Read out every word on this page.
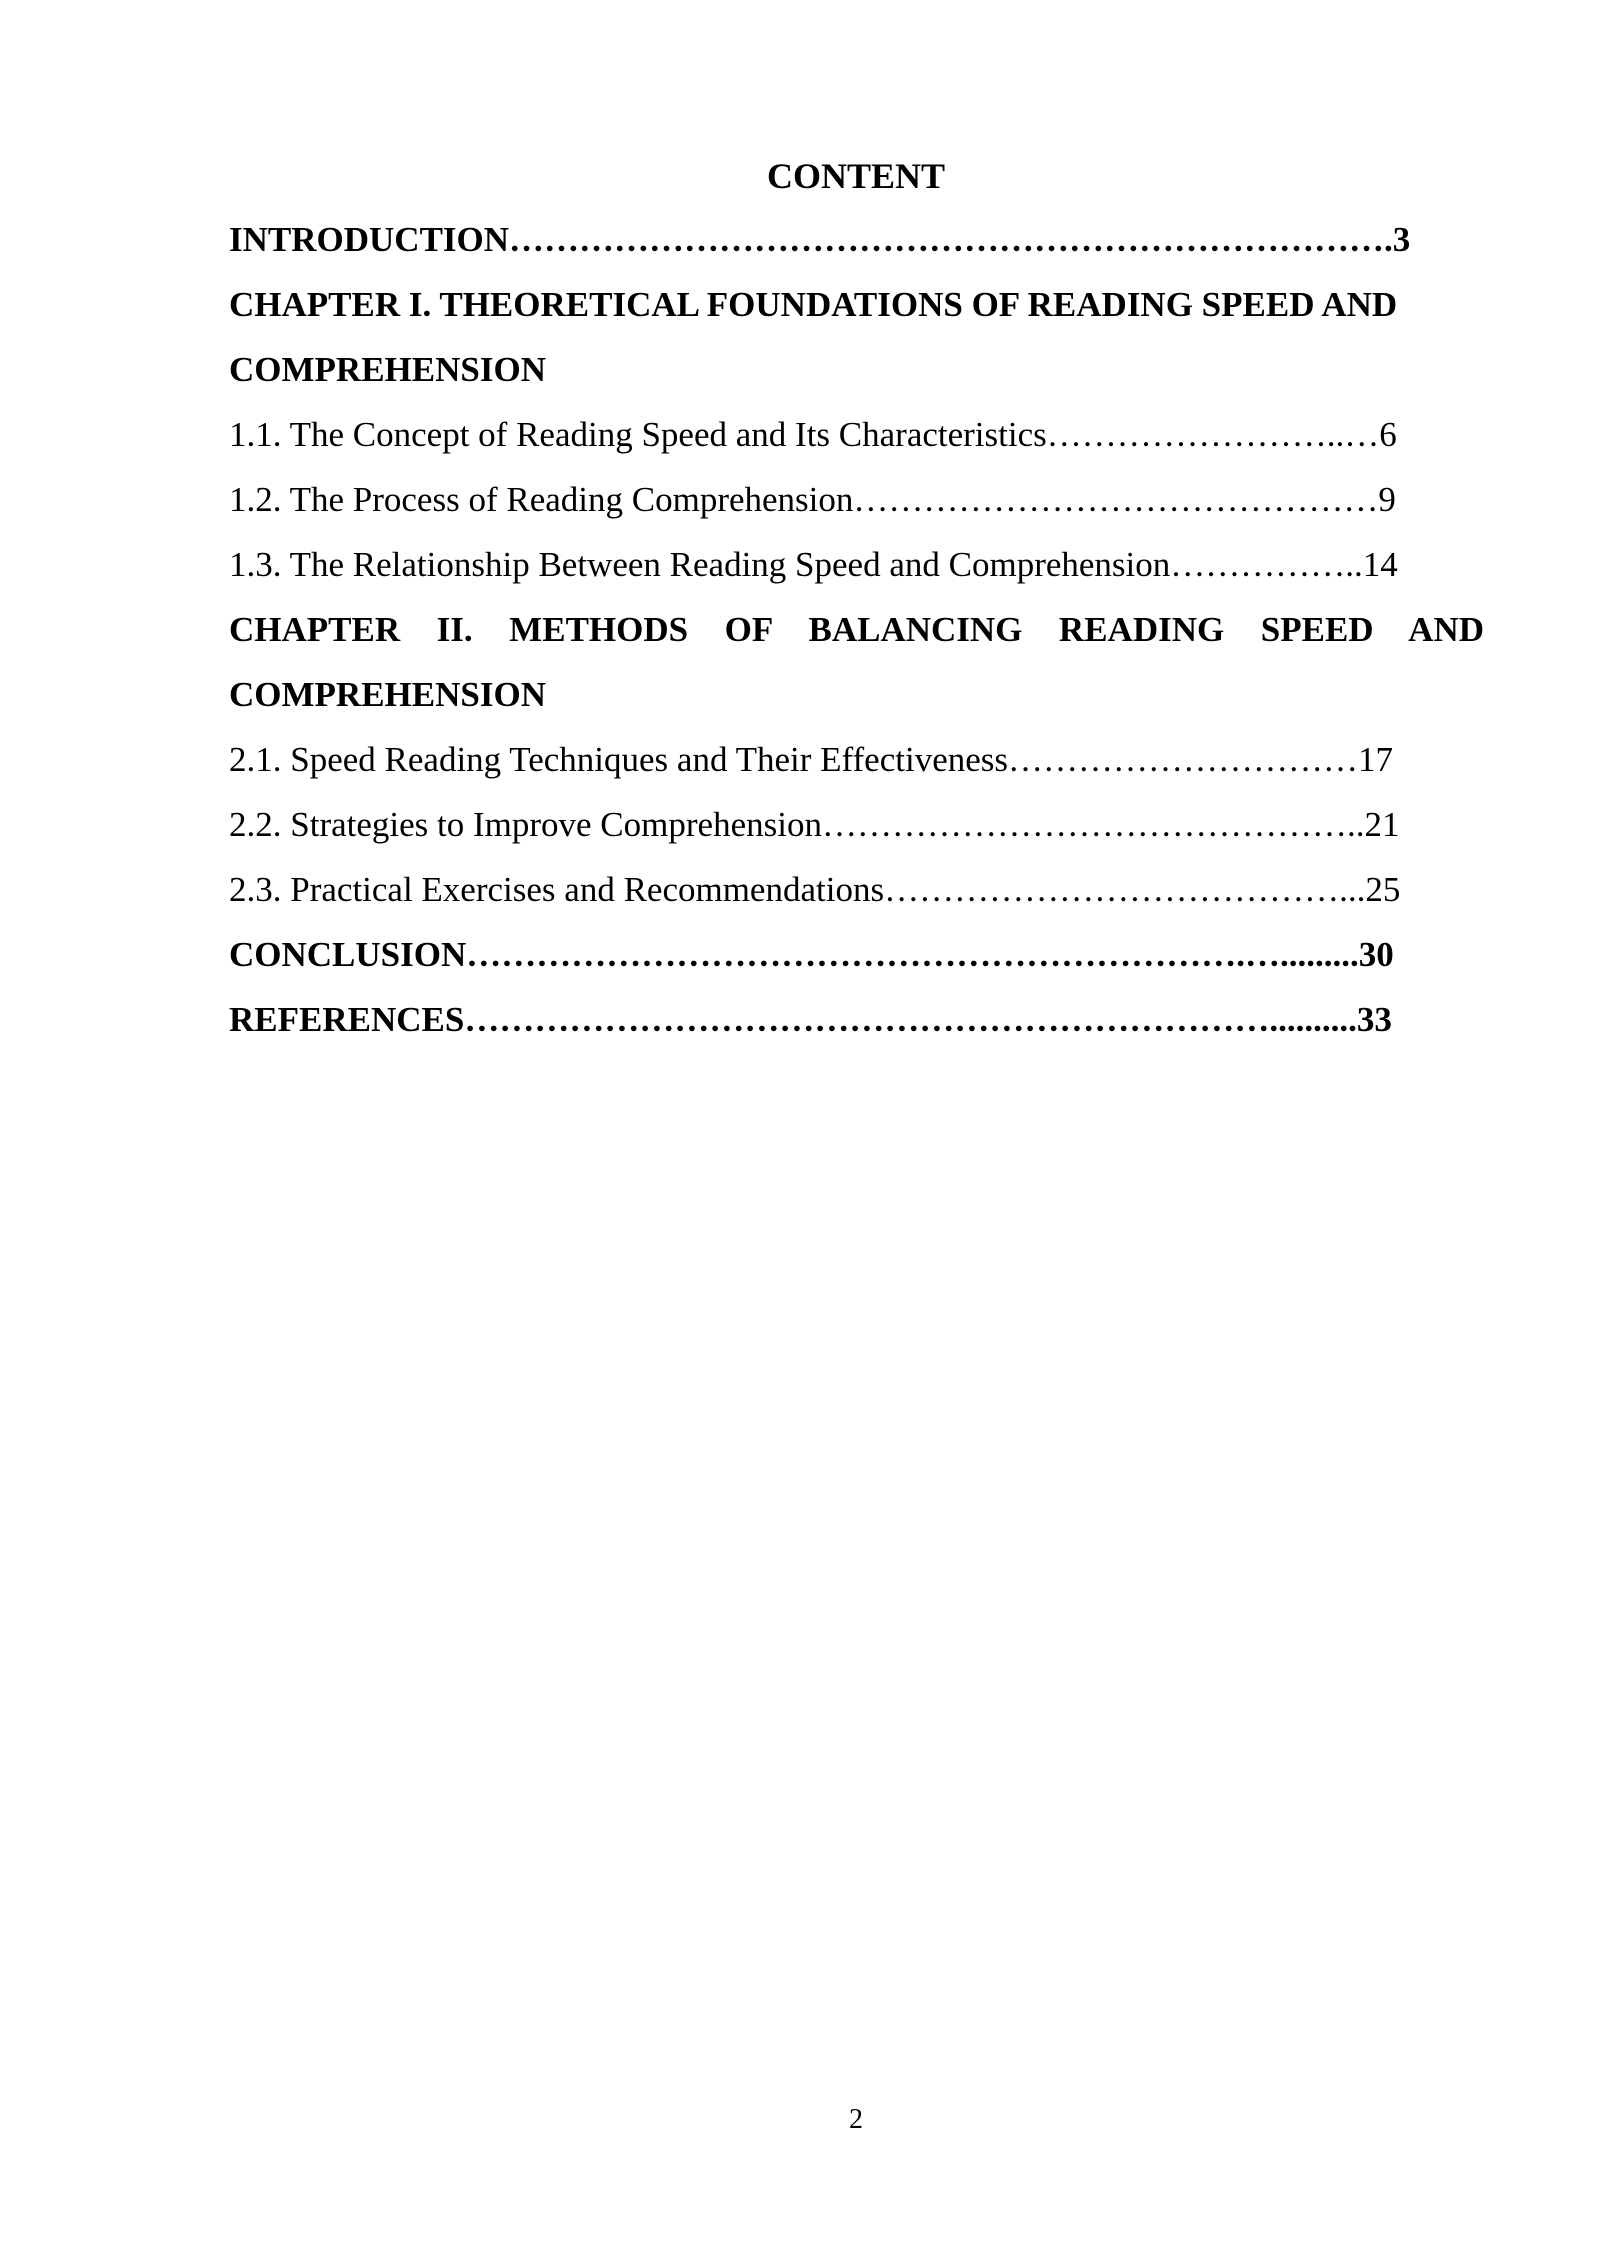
CONTENT
INTRODUCTION………………………………………………………………….3
CHAPTER I. THEORETICAL FOUNDATIONS OF READING SPEED AND
COMPREHENSION
1.1. The Concept of Reading Speed and Its Characteristics……………………..…6
1.2. The Process of Reading Comprehension………………………………………9
1.3. The Relationship Between Reading Speed and Comprehension……………..14
CHAPTER II. METHODS OF BALANCING READING SPEED AND
COMPREHENSION
2.1. Speed Reading Techniques and Their Effectiveness…………………………17
2.2. Strategies to Improve Comprehension………………………………………..21
2.3. Practical Exercises and Recommendations…………………………………...25
CONCLUSION………………………………………………………….….........30
REFERENCES……………………………………………………………..........33
2
